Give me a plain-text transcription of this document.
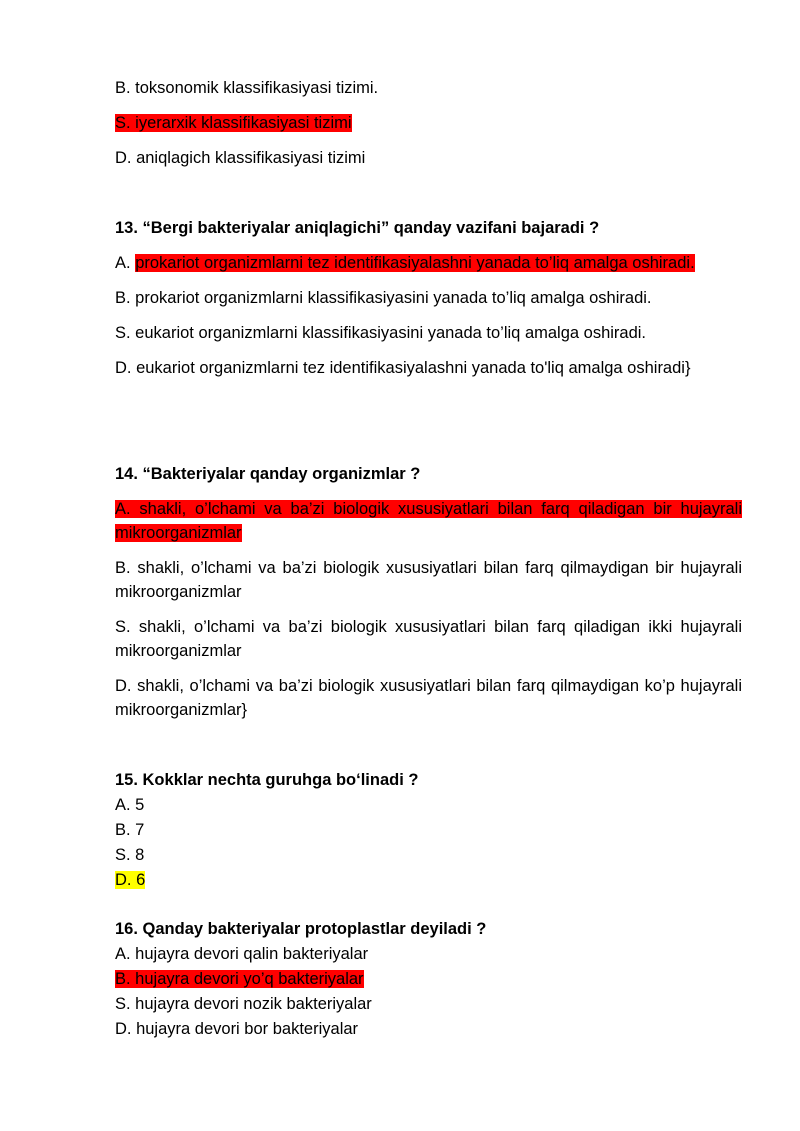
B. toksonomik klassifikasiyasi tizimi.

S. iyerarxik klassifikasiyasi tizimi

D. aniqlagich klassifikasiyasi tizimi

13. “Bergi bakteriyalar aniqlagichi” qanday vazifani bajaradi ?

A. prokariot organizmlarni tez identifikasiyalashni yanada to’liq amalga oshiradi.

B. prokariot organizmlarni klassifikasiyasini yanada to’liq amalga oshiradi.

S. eukariot organizmlarni klassifikasiyasini yanada to’liq amalga oshiradi.

D. eukariot organizmlarni tez identifikasiyalashni yanada to'liq amalga oshiradi}

14. “Bakteriyalar qanday organizmlar ?

A. shakli, o’lchami va ba’zi biologik xususiyatlari bilan farq qiladigan bir hujayrali mikroorganizmlar

B. shakli, o’lchami va ba’zi biologik xususiyatlari bilan farq qilmaydigan bir hujayrali mikroorganizmlar

S. shakli, o’lchami va ba’zi biologik xususiyatlari bilan farq qiladigan ikki hujayrali mikroorganizmlar

D. shakli, o’lchami va ba’zi biologik xususiyatlari bilan farq qilmaydigan ko’p hujayrali mikroorganizmlar}

15. Kokklar nechta guruhga bo‘linadi ?

A. 5

B. 7

S. 8

D. 6

16. Qanday bakteriyalar protoplastlar deyiladi ?

A. hujayra devori qalin bakteriyalar

B. hujayra devori yo’q bakteriyalar

S. hujayra devori nozik bakteriyalar

D. hujayra devori bor bakteriyalar
